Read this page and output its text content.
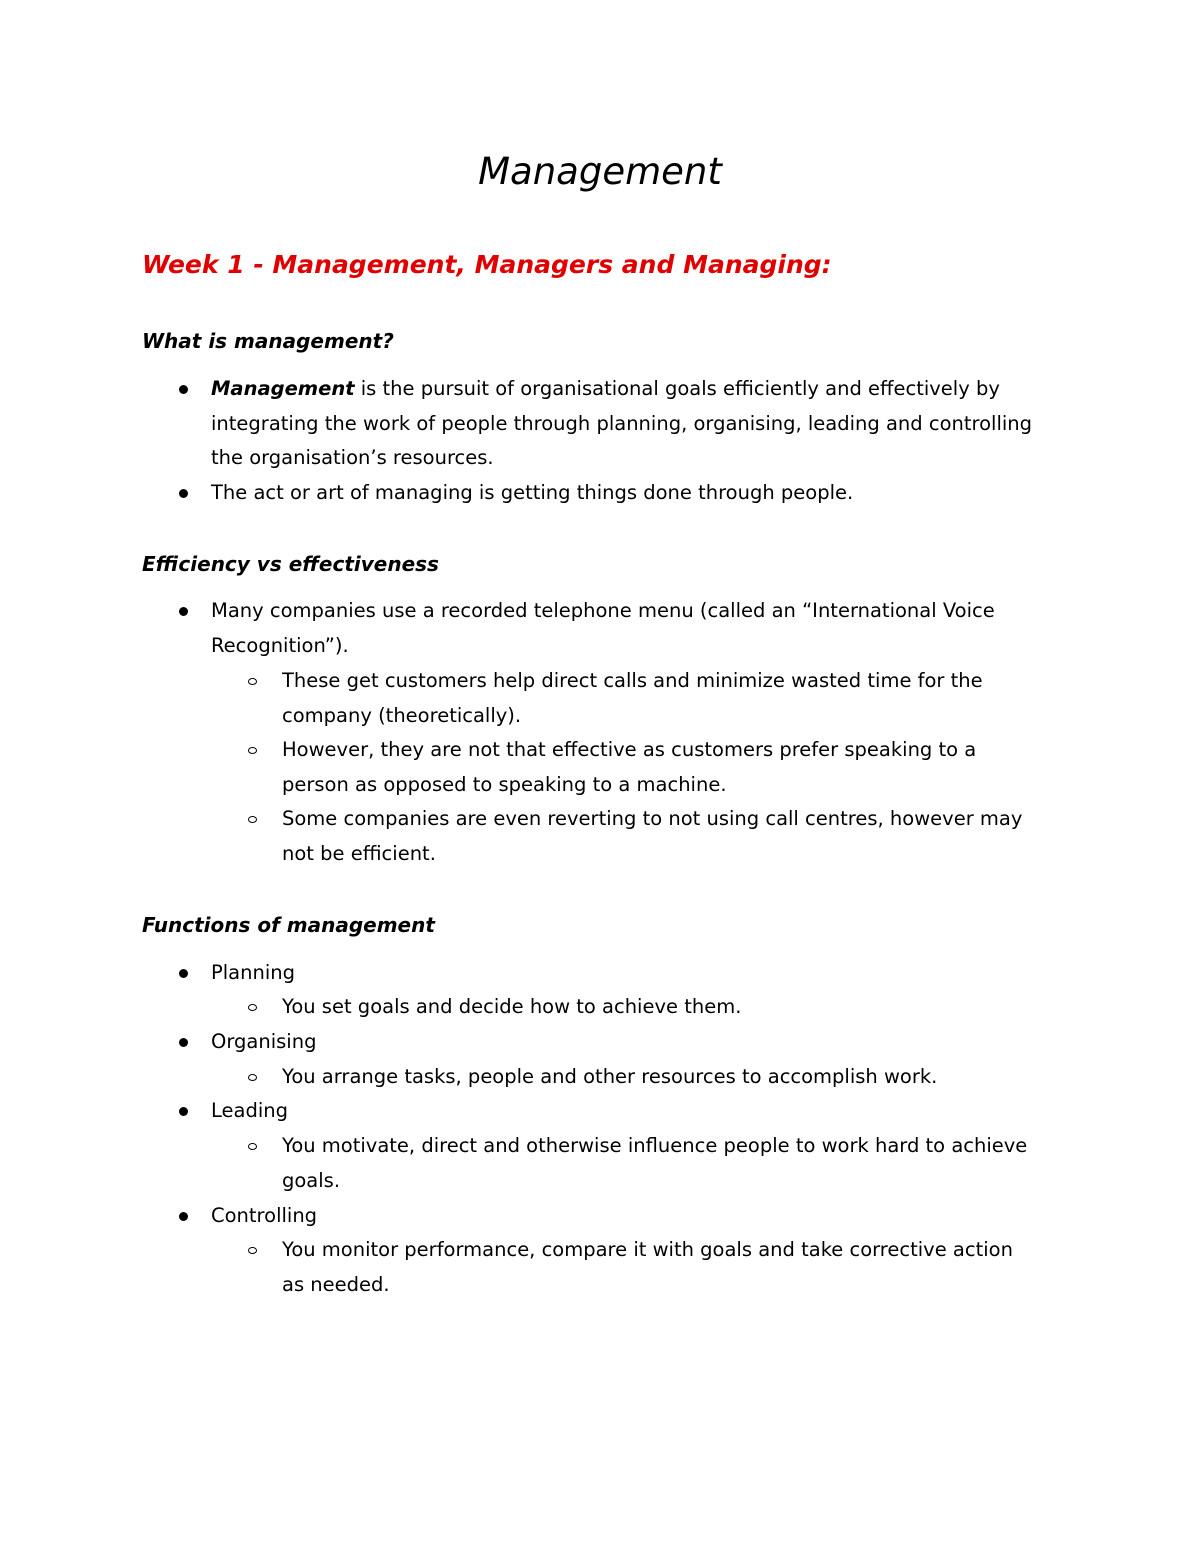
Management
Week 1 - Management, Managers and Managing:
What is management?
Management is the pursuit of organisational goals efficiently and effectively by
integrating the work of people through planning, organising, leading and controlling
the organisation’s resources.
The act or art of managing is getting things done through people.
Efficiency vs effectiveness
Many companies use a recorded telephone menu (called an “International Voice
Recognition”).
These get customers help direct calls and minimize wasted time for the
company (theoretically).
However, they are not that effective as customers prefer speaking to a
person as opposed to speaking to a machine.
Some companies are even reverting to not using call centres, however may
not be efficient.
Functions of management
Planning
You set goals and decide how to achieve them.
Organising
You arrange tasks, people and other resources to accomplish work.
Leading
You motivate, direct and otherwise influence people to work hard to achieve
goals.
Controlling
You monitor performance, compare it with goals and take corrective action
as needed.
